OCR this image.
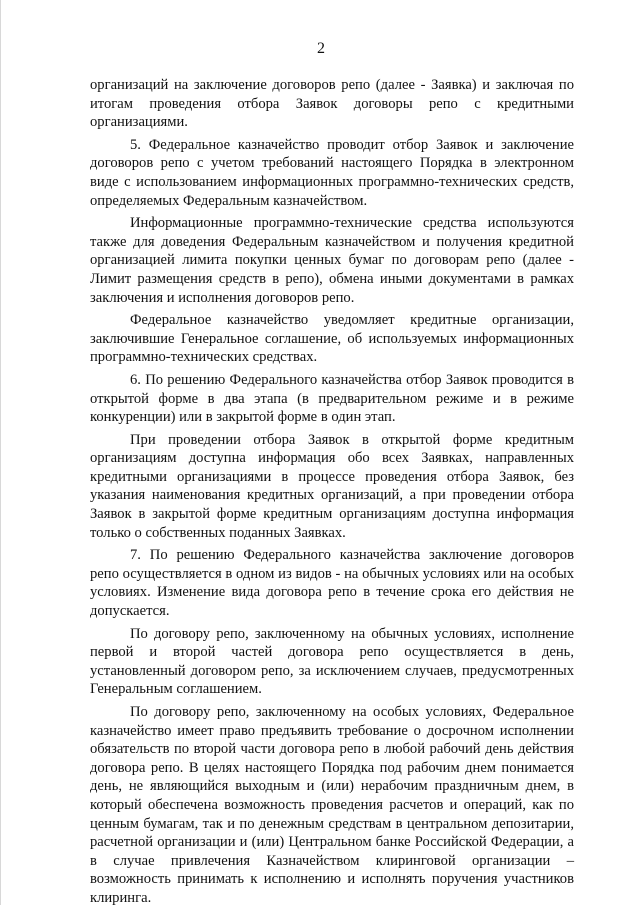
2

организаций на заключение договоров репо (далее - Заявка) и заключая по итогам проведения отбора Заявок договоры репо с кредитными организациями.

5. Федеральное казначейство проводит отбор Заявок и заключение договоров репо с учетом требований настоящего Порядка в электронном виде с использованием информационных программно-технических средств, определяемых Федеральным казначейством.

Информационные программно-технические средства используются также для доведения Федеральным казначейством и получения кредитной организацией лимита покупки ценных бумаг по договорам репо (далее - Лимит размещения средств в репо), обмена иными документами в рамках заключения и исполнения договоров репо.

Федеральное казначейство уведомляет кредитные организации, заключившие Генеральное соглашение, об используемых информационных программно-технических средствах.

6. По решению Федерального казначейства отбор Заявок проводится в открытой форме в два этапа (в предварительном режиме и в режиме конкуренции) или в закрытой форме в один этап.

При проведении отбора Заявок в открытой форме кредитным организациям доступна информация обо всех Заявках, направленных кредитными организациями в процессе проведения отбора Заявок, без указания наименования кредитных организаций, а при проведении отбора Заявок в закрытой форме кредитным организациям доступна информация только о собственных поданных Заявках.

7. По решению Федерального казначейства заключение договоров репо осуществляется в одном из видов - на обычных условиях или на особых условиях. Изменение вида договора репо в течение срока его действия не допускается.

По договору репо, заключенному на обычных условиях, исполнение первой и второй частей договора репо осуществляется в день, установленный договором репо, за исключением случаев, предусмотренных Генеральным соглашением.

По договору репо, заключенному на особых условиях, Федеральное казначейство имеет право предъявить требование о досрочном исполнении обязательств по второй части договора репо в любой рабочий день действия договора репо. В целях настоящего Порядка под рабочим днем понимается день, не являющийся выходным и (или) нерабочим праздничным днем, в который обеспечена возможность проведения расчетов и операций, как по ценным бумагам, так и по денежным средствам в центральном депозитарии, расчетной организации и (или) Центральном банке Российской Федерации, а в случае привлечения Казначейством клиринговой организации – возможность принимать к исполнению и исполнять поручения участников клиринга.
